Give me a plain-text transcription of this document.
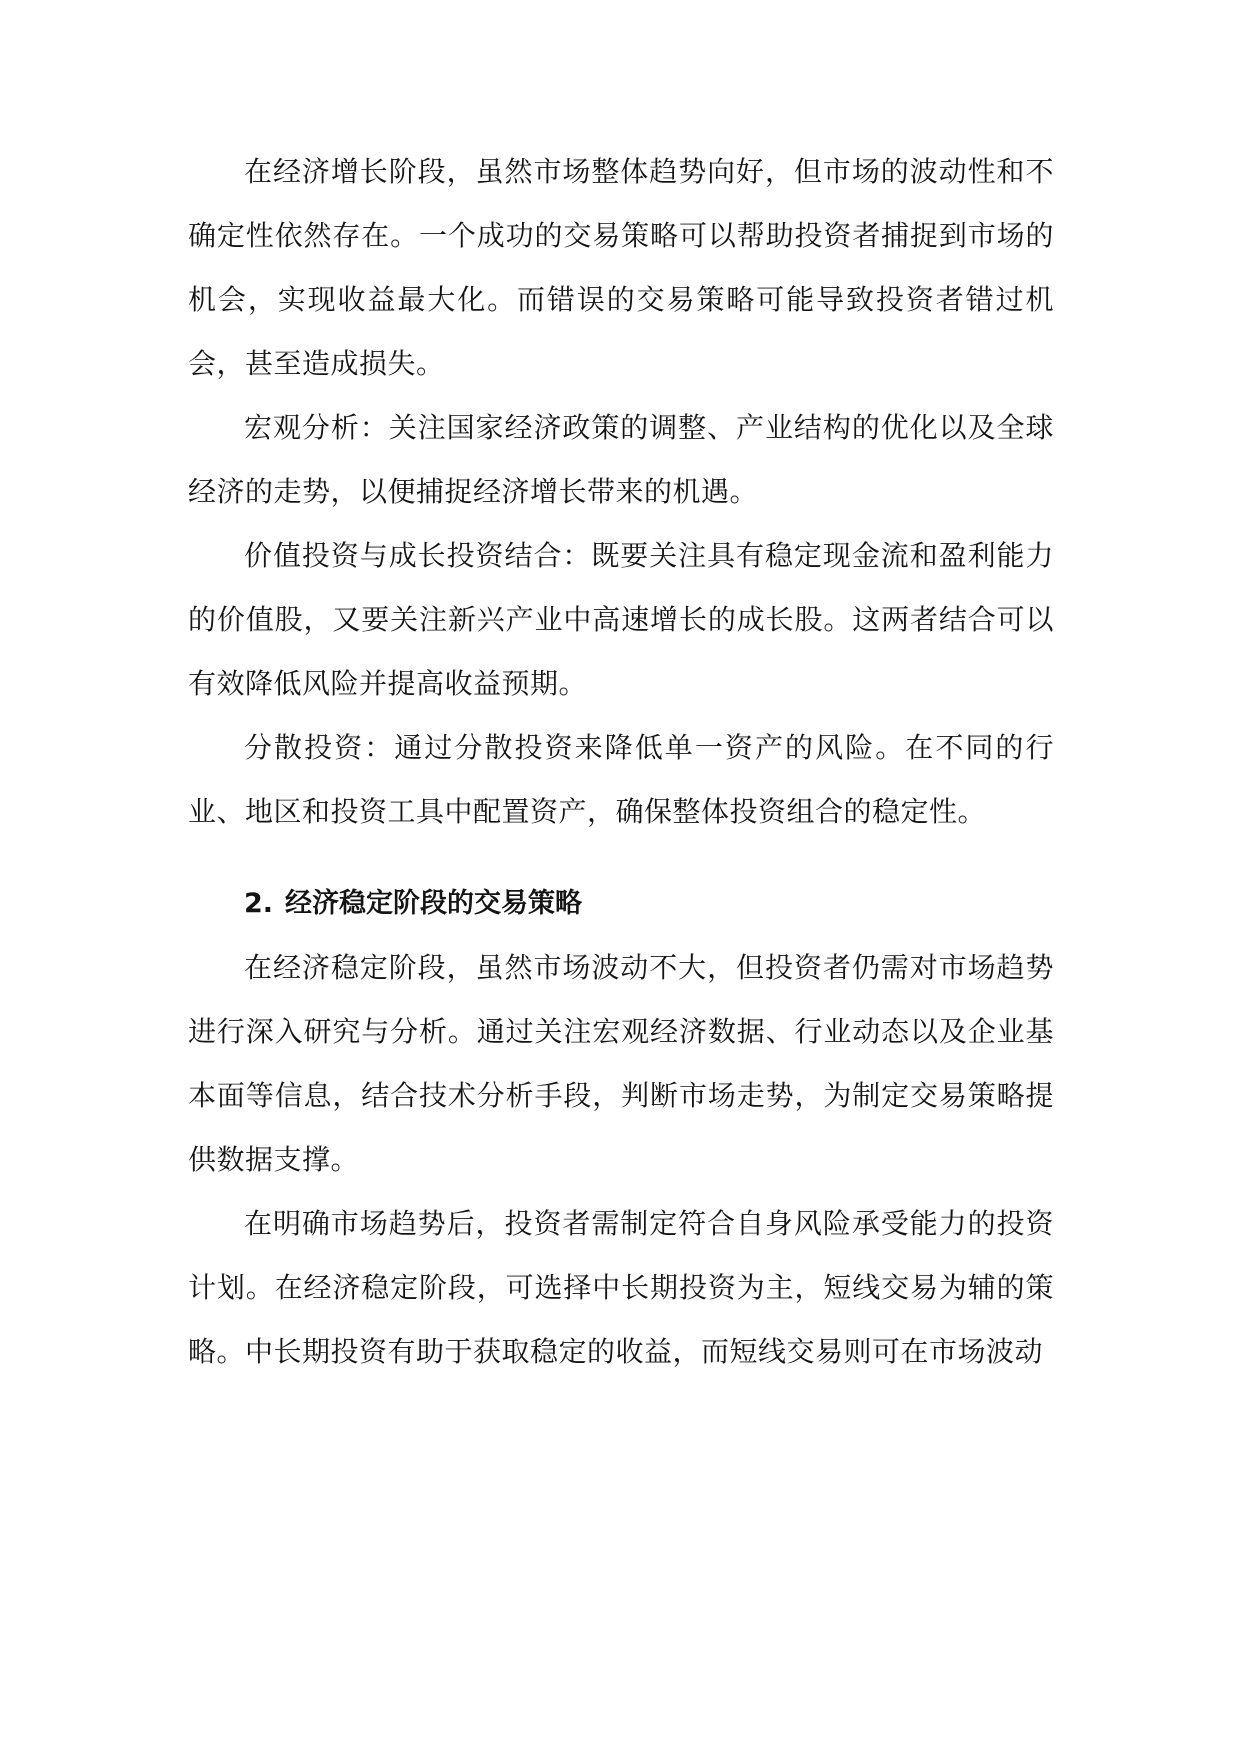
在经济增长阶段，虽然市场整体趋势向好，但市场的波动性和不确定性依然存在。一个成功的交易策略可以帮助投资者捕捉到市场的机会，实现收益最大化。而错误的交易策略可能导致投资者错过机会，甚至造成损失。

宏观分析：关注国家经济政策的调整、产业结构的优化以及全球经济的走势，以便捕捉经济增长带来的机遇。

价值投资与成长投资结合：既要关注具有稳定现金流和盈利能力的价值股，又要关注新兴产业中高速增长的成长股。这两者结合可以有效降低风险并提高收益预期。

分散投资：通过分散投资来降低单一资产的风险。在不同的行业、地区和投资工具中配置资产，确保整体投资组合的稳定性。

2. 经济稳定阶段的交易策略

在经济稳定阶段，虽然市场波动不大，但投资者仍需对市场趋势进行深入研究与分析。通过关注宏观经济数据、行业动态以及企业基本面等信息，结合技术分析手段，判断市场走势，为制定交易策略提供数据支撑。

在明确市场趋势后，投资者需制定符合自身风险承受能力的投资计划。在经济稳定阶段，可选择中长期投资为主，短线交易为辅的策略。中长期投资有助于获取稳定的收益，而短线交易则可在市场波动
